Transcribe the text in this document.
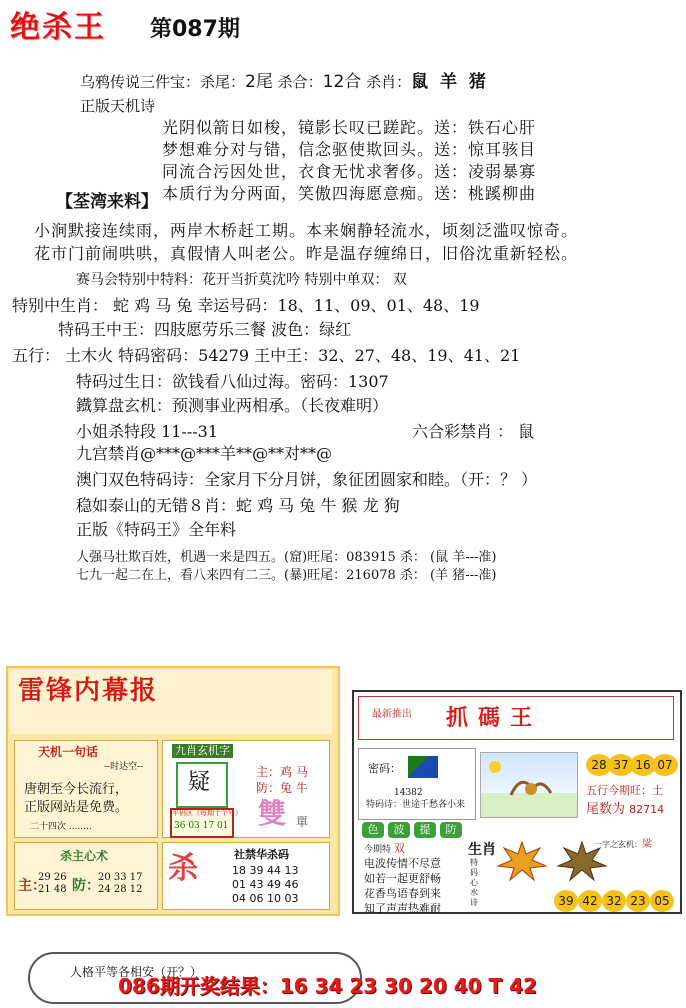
绝杀王 第087期
乌鸦传说三件宝：杀尾：2尾 杀合：12合 杀肖：鼠 羊 猪
正版天机诗
光阴似箭日如梭，镜影长叹已蹉跎。送：铁石心肝
梦想难分对与错，信念驱使欺回头。送：惊耳骇目
同流合污因处世，衣食无忧求奢侈。送：凌弱暴寡
本质行为分两面，笑傲四海愿意痴。送：桃蹊柳曲
【荃湾来料】
小涧默接连续雨，两岸木桥赶工期。本来娴静轻流水，顷刻泛滥叹惊奇。
花市门前闹哄哄，真假情人叫老公。昨是温存缠绵日，旧俗沈重新轻松。
赛马会特别中特料：花开当折莫沈吟 特别中单双： 双
特别中生肖： 蛇 鸡 马 兔 幸运号码：18、11、09、01、48、19
特码王中王：四肢愿劳乐三餐 波色：绿红
五行： 土木火 特码密码：54279 王中王：32、27、48、19、41、21
特码过生日：欲钱看八仙过海。密码：1307
鐡算盘玄机：预测事业两相承。（长夜难明）
小姐杀特段 11---31	六合彩禁肖 ： 鼠
九宫禁肖@***@***羊**@**对**@
澳门双色特码诗：全家月下分月饼，象征团圆家和睦。（开：？ ）
稳如泰山的无错８肖：蛇 鸡 马 兔 牛 猴 龙 狗
正版《特码王》全年料
人强马壮欺百姓，机遇一来是四五。(窟)旺尾：083915 杀： (鼠 羊---准)
七九一起二在上，看八来四有二三。(暴)旺尾：216078 杀： (羊 猪---准)
雷锋内幕报
天机一句话
--时达空--
唐朝至今长流行，
正版网站是免费。
二十四次 ........
九肖玄机字
疑	主：鸡 马
防：兔 牛
雙 單
平码区（每期十个号）
36 03 17 01
杀主心术
主：
29 26
21 48 防：
20 33 17
24 28 12
杀	社禁华杀码
18 39 44 13
01 43 49 46
04 06 10 03
最新推出 抓碼王
密码：
14382
特码诗：世途千愁各小来
28 37 16 07
五行今期旺：土
尾数为 82714
一字之玄机：粱
色	波	提	防
今期特 双
电波传情不尽意
如若一起更舒畅
花香鸟语春到来
知了声声热难耐
生肖
特码心水诗	39 42 32 23 05
人格平等各相安（开？）
086期开奖结果：16 34 23 30 20 40 T 42
